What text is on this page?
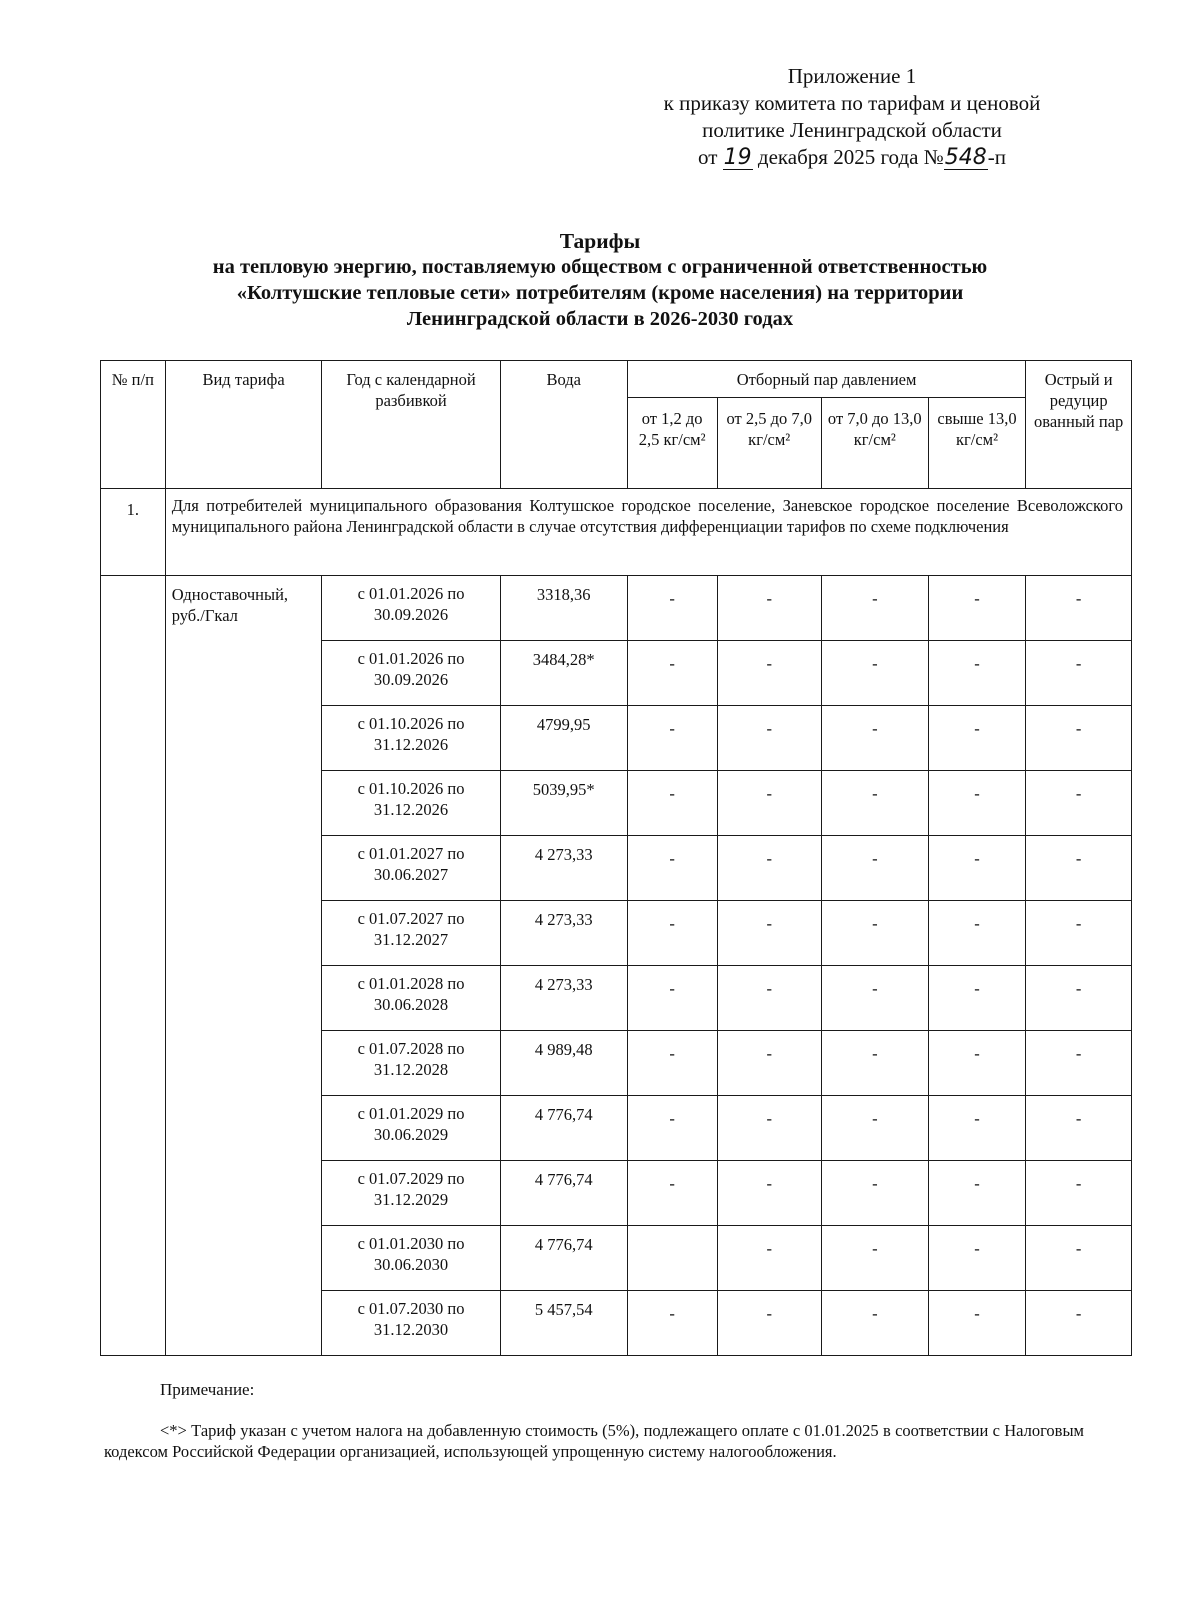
Приложение 1
к приказу комитета по тарифам и ценовой
политике Ленинградской области
от 19 декабря 2025 года №548-п
Тарифы
на тепловую энергию, поставляемую обществом с ограниченной ответственностью
«Колтушские тепловые сети» потребителям (кроме населения) на территории
Ленинградской области в 2026-2030 годах
№ п/п	Вид тарифа	Год с календарной разбивкой	Вода	Отборный пар давлением				Острый и редуцир ованный пар
				от 1,2 до 2,5 кг/см²	от 2,5 до 7,0 кг/см²	от 7,0 до 13,0 кг/см²	свыше 13,0 кг/см²	
1.	Для потребителей муниципального образования Колтушское городское поселение, Заневское городское поселение Всеволожского муниципального района Ленинградской области в случае отсутствия дифференциации тарифов по схеме подключения							
	Одноставочный, руб./Гкал	с 01.01.2026 по 30.09.2026	3318,36	-	-	-	-	-
		с 01.01.2026 по 30.09.2026	3484,28*	-	-	-	-	-
		с 01.10.2026 по 31.12.2026	4799,95	-	-	-	-	-
		с 01.10.2026 по 31.12.2026	5039,95*	-	-	-	-	-
		с 01.01.2027 по 30.06.2027	4 273,33	-	-	-	-	-
		с 01.07.2027 по 31.12.2027	4 273,33	-	-	-	-	-
		с 01.01.2028 по 30.06.2028	4 273,33	-	-	-	-	-
		с 01.07.2028 по 31.12.2028	4 989,48	-	-	-	-	-
		с 01.01.2029 по 30.06.2029	4 776,74	-	-	-	-	-
		с 01.07.2029 по 31.12.2029	4 776,74	-	-	-	-	-
		с 01.01.2030 по 30.06.2030	4 776,74		-	-	-	-
		с 01.07.2030 по 31.12.2030	5 457,54	-	-	-	-	-
Примечание:
<*> Тариф указан с учетом налога на добавленную стоимость (5%), подлежащего оплате с 01.01.2025 в соответствии с Налоговым кодексом Российской Федерации организацией, использующей упрощенную систему налогообложения.
